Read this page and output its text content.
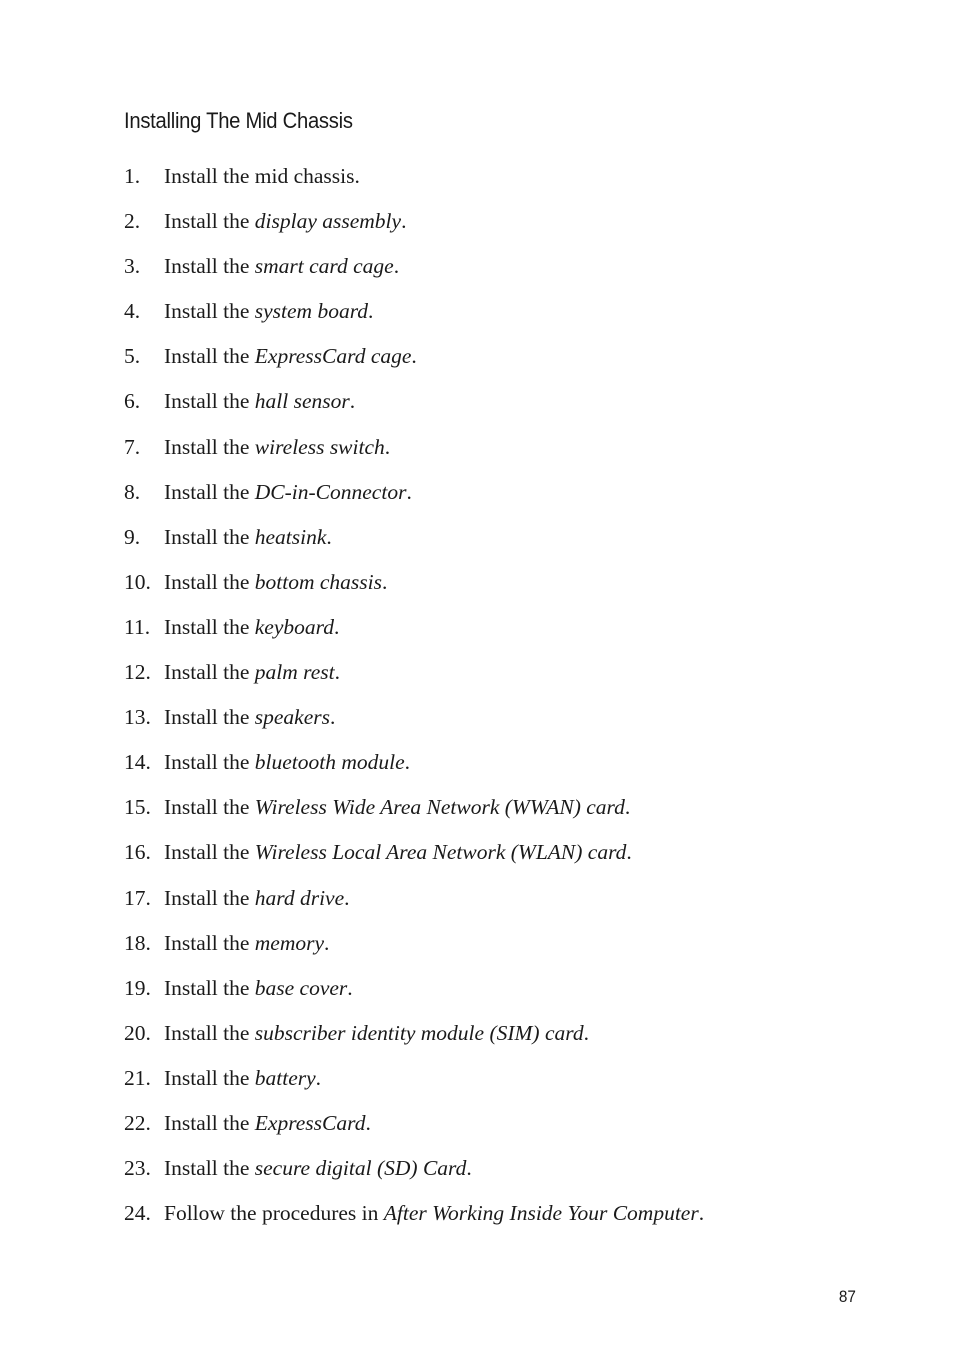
Installing The Mid Chassis
1. Install the mid chassis.
2. Install the display assembly.
3. Install the smart card cage.
4. Install the system board.
5. Install the ExpressCard cage.
6. Install the hall sensor.
7. Install the wireless switch.
8. Install the DC-in-Connector.
9. Install the heatsink.
10. Install the bottom chassis.
11. Install the keyboard.
12. Install the palm rest.
13. Install the speakers.
14. Install the bluetooth module.
15. Install the Wireless Wide Area Network (WWAN) card.
16. Install the Wireless Local Area Network (WLAN) card.
17. Install the hard drive.
18. Install the memory.
19. Install the base cover.
20. Install the subscriber identity module (SIM) card.
21. Install the battery.
22. Install the ExpressCard.
23. Install the secure digital (SD) Card.
24. Follow the procedures in After Working Inside Your Computer.
87
